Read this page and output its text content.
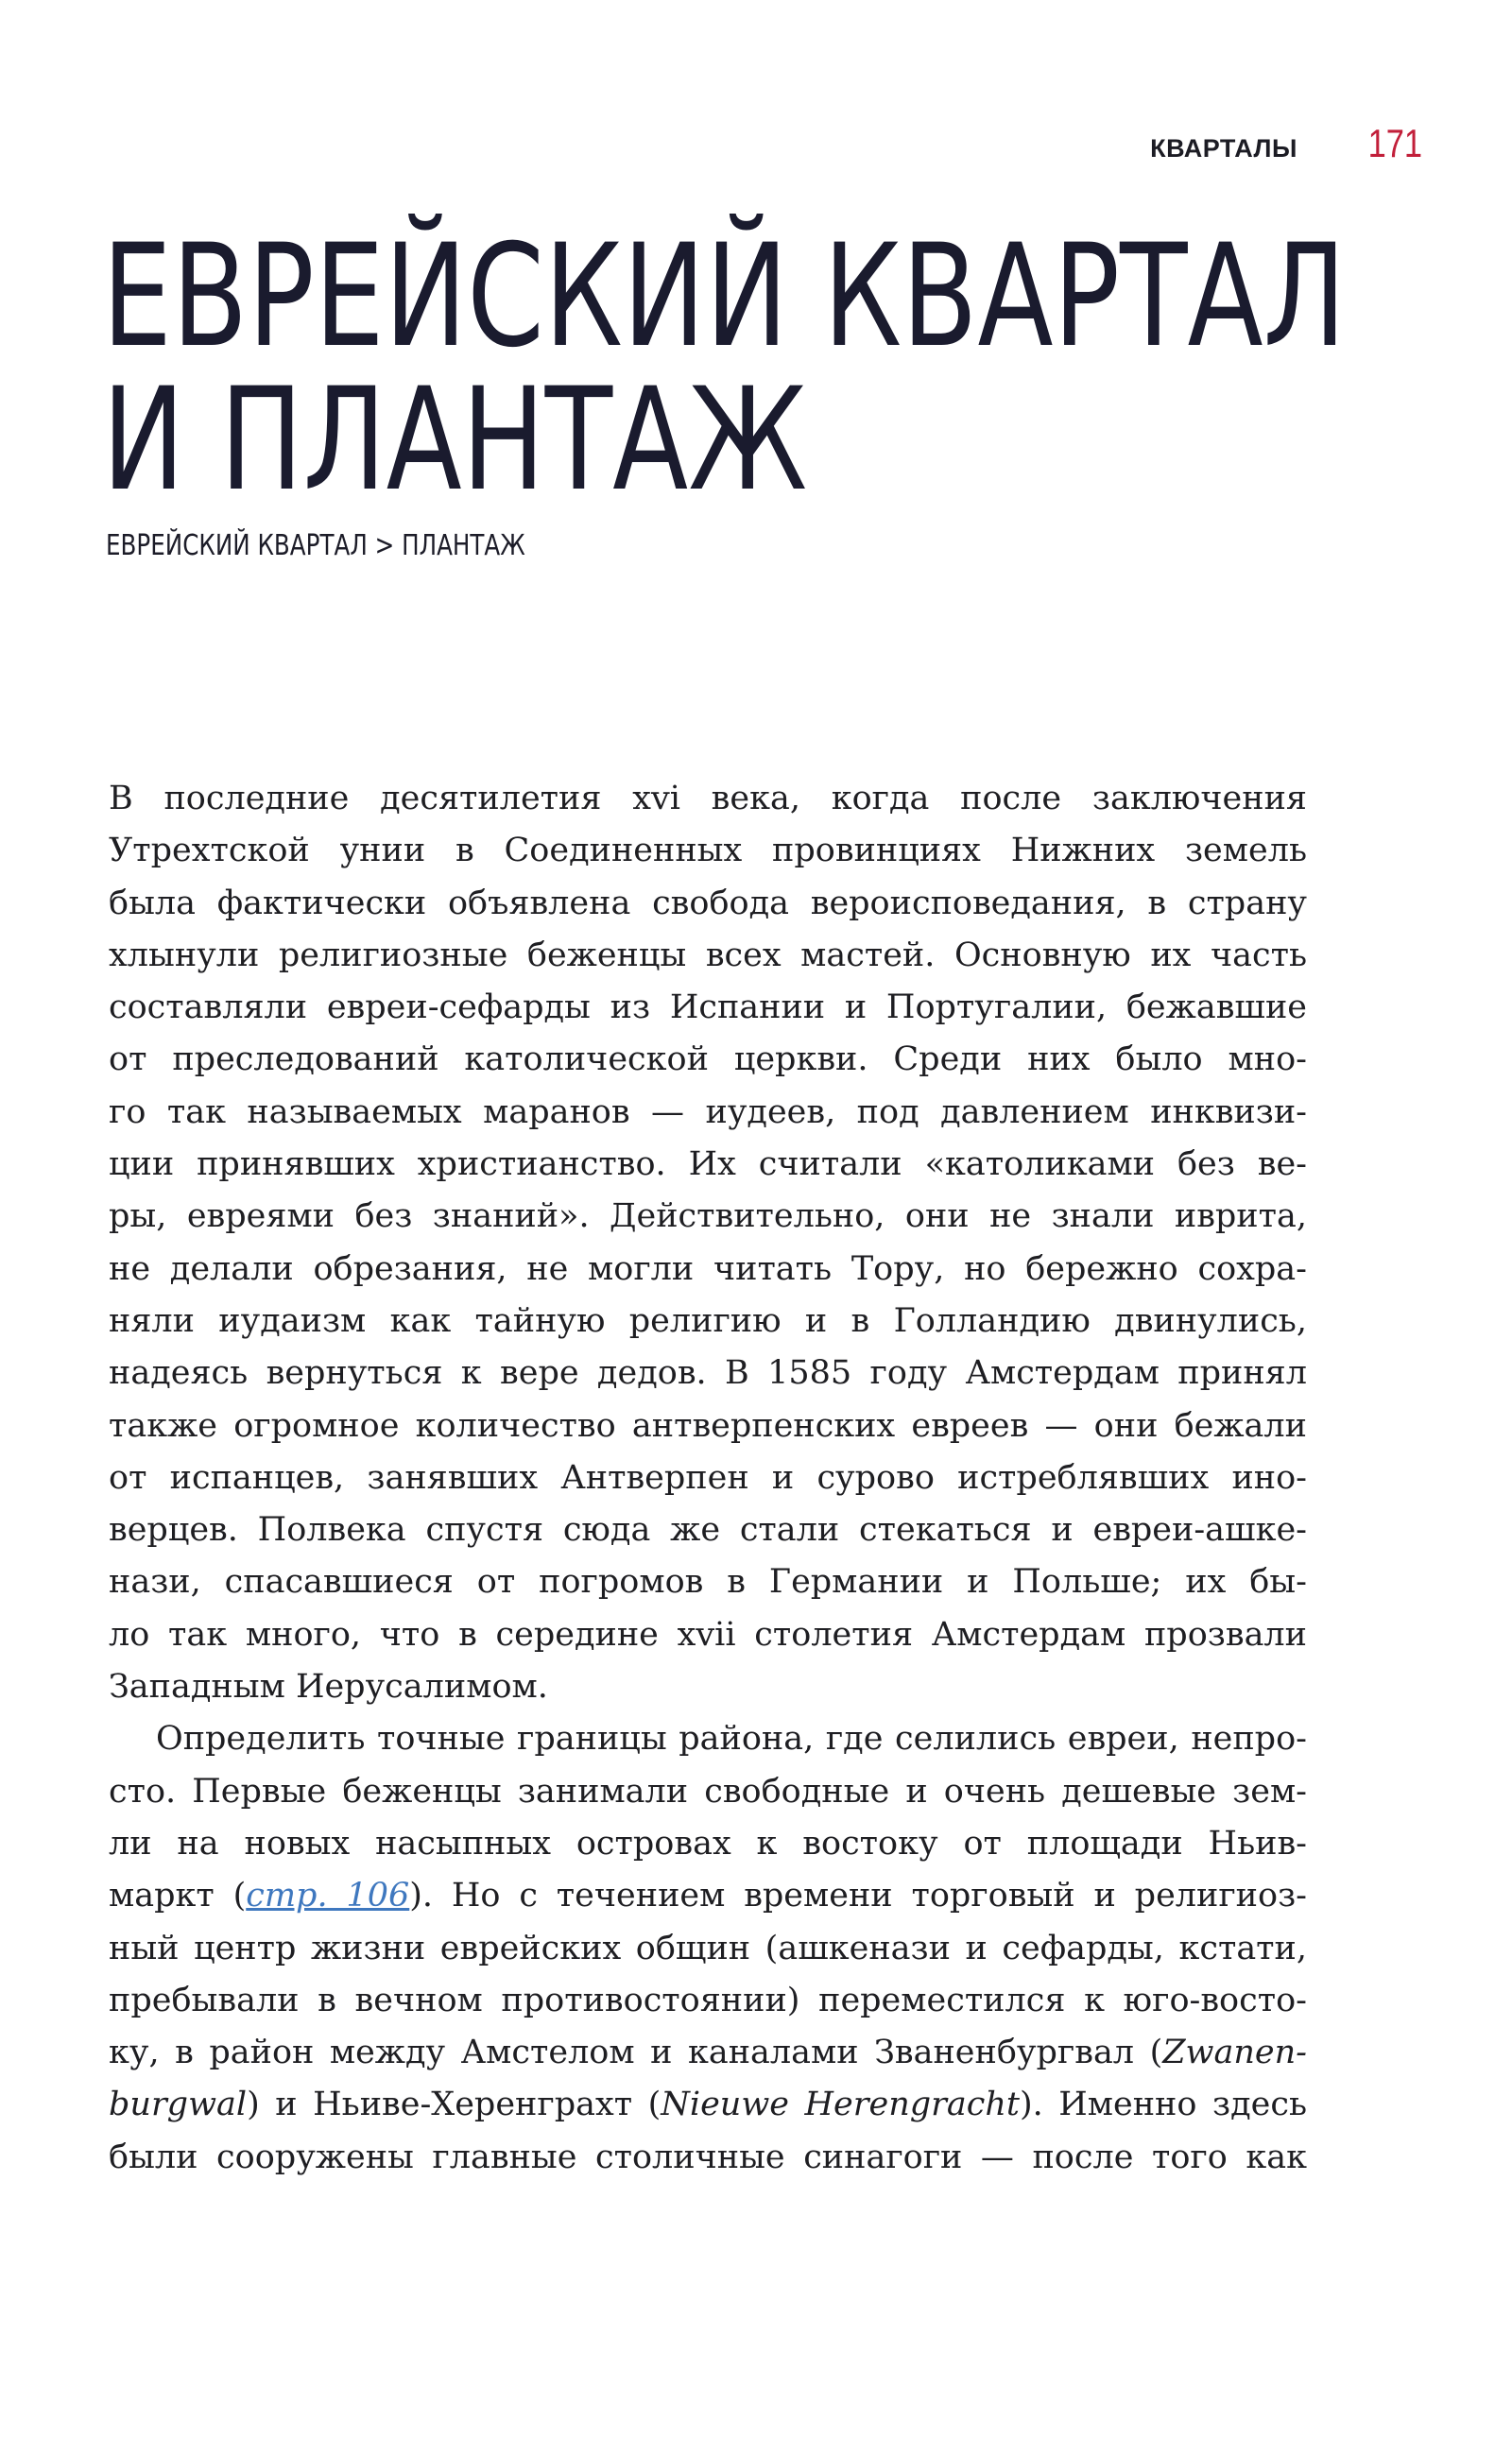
КВАРТАЛЫ 171
ЕВРЕЙСКИЙ КВАРТАЛ
И ПЛАНТАЖ
ЕВРЕЙСКИЙ КВАРТАЛ > ПЛАНТАЖ
В последние десятилетия xvi века, когда после заключения
Утрехтской унии в Соединенных провинциях Нижних земель
была фактически объявлена свобода вероисповедания, в страну
хлынули религиозные беженцы всех мастей. Основную их часть
составляли евреи-сефарды из Испании и Португалии, бежавшие
от преследований католической церкви. Среди них было мно-
го так называемых маранов — иудеев, под давлением инквизи-
ции принявших христианство. Их считали «католиками без ве-
ры, евреями без знаний». Действительно, они не знали иврита,
не делали обрезания, не могли читать Тору, но бережно сохра-
няли иудаизм как тайную религию и в Голландию двинулись,
надеясь вернуться к вере дедов. В 1585 году Амстердам принял
также огромное количество антверпенских евреев — они бежали
от испанцев, занявших Антверпен и сурово истреблявших ино-
верцев. Полвека спустя сюда же стали стекаться и евреи-ашке-
нази, спасавшиеся от погромов в Германии и Польше; их бы-
ло так много, что в середине xvii столетия Амстердам прозвали
Западным Иерусалимом.
Определить точные границы района, где селились евреи, непро-
сто. Первые беженцы занимали свободные и очень дешевые зем-
ли на новых насыпных островах к востоку от площади Ньив-
маркт (стр. 106). Но с течением времени торговый и религиоз-
ный центр жизни еврейских общин (ашкенази и сефарды, кстати,
пребывали в вечном противостоянии) переместился к юго-восто-
ку, в район между Амстелом и каналами Званенбургвал (Zwanen-
burgwal) и Ньиве-Херенграхт (Nieuwe Herengracht). Именно здесь
были сооружены главные столичные синагоги — после того как
